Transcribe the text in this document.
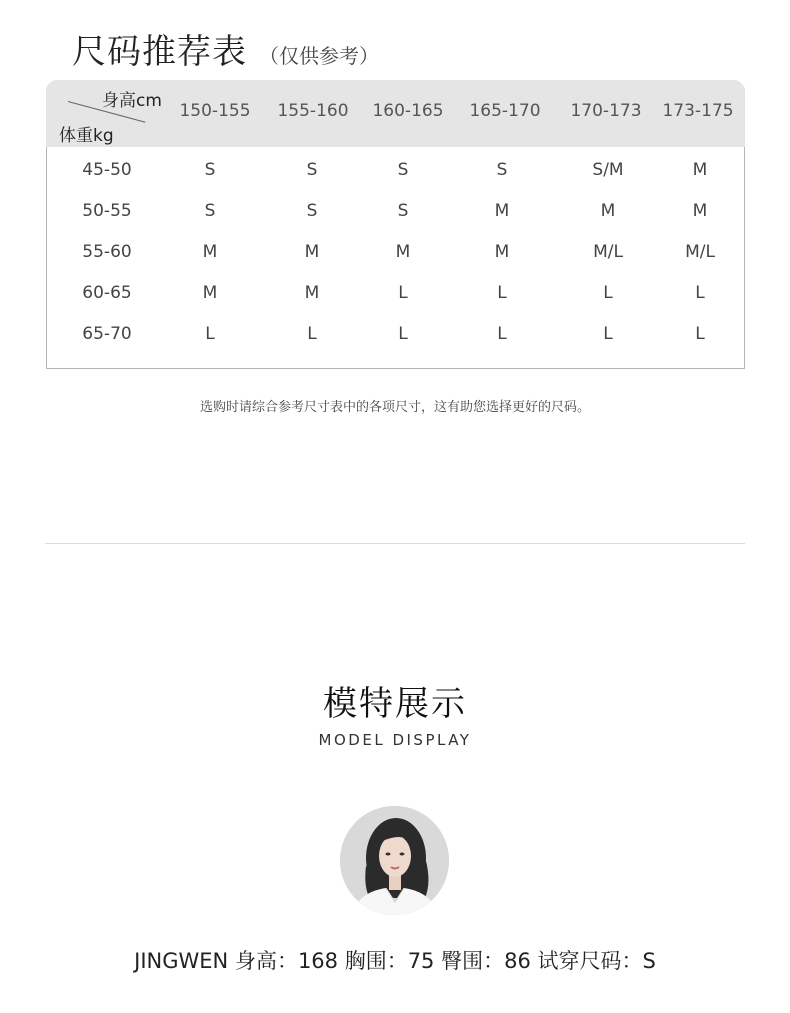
尺码推荐表 （仅供参考）
身高cm
体重kg
150-155 155-160 160-165 165-170 170-173 173-175
45-50	S	S	S	S	S/M	M
50-55	S	S	S	M	M	M
55-60	M	M	M	M	M/L	M/L
60-65	M	M	L	L	L	L
65-70	L	L	L	L	L	L
选购时请综合参考尺寸表中的各项尺寸，这有助您选择更好的尺码。
模特展示
MODEL DISPLAY
JINGWEN 身高：168 胸围：75 臀围：86 试穿尺码：S
